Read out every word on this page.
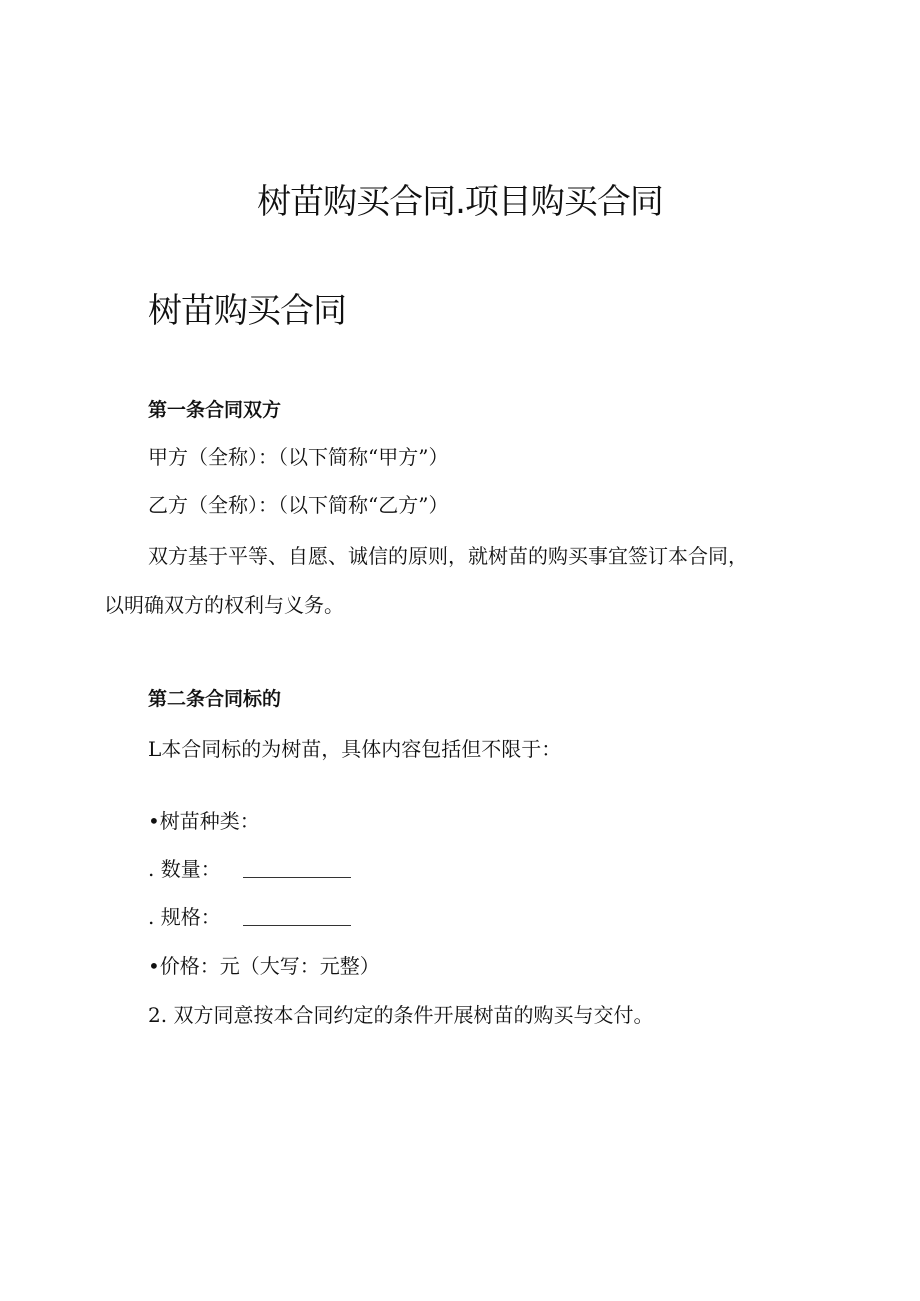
树苗购买合同.项目购买合同
树苗购买合同
第一条合同双方
甲方（全称）：（以下简称“甲方”）
乙方（全称）：（以下简称“乙方”）
双方基于平等、自愿、诚信的原则，就树苗的购买事宜签订本合同，
以明确双方的权利与义务。
第二条合同标的
L本合同标的为树苗，具体内容包括但不限于：
•树苗种类：
. 数量：
. 规格：
•价格：元（大写：元整）
2. 双方同意按本合同约定的条件开展树苗的购买与交付。
